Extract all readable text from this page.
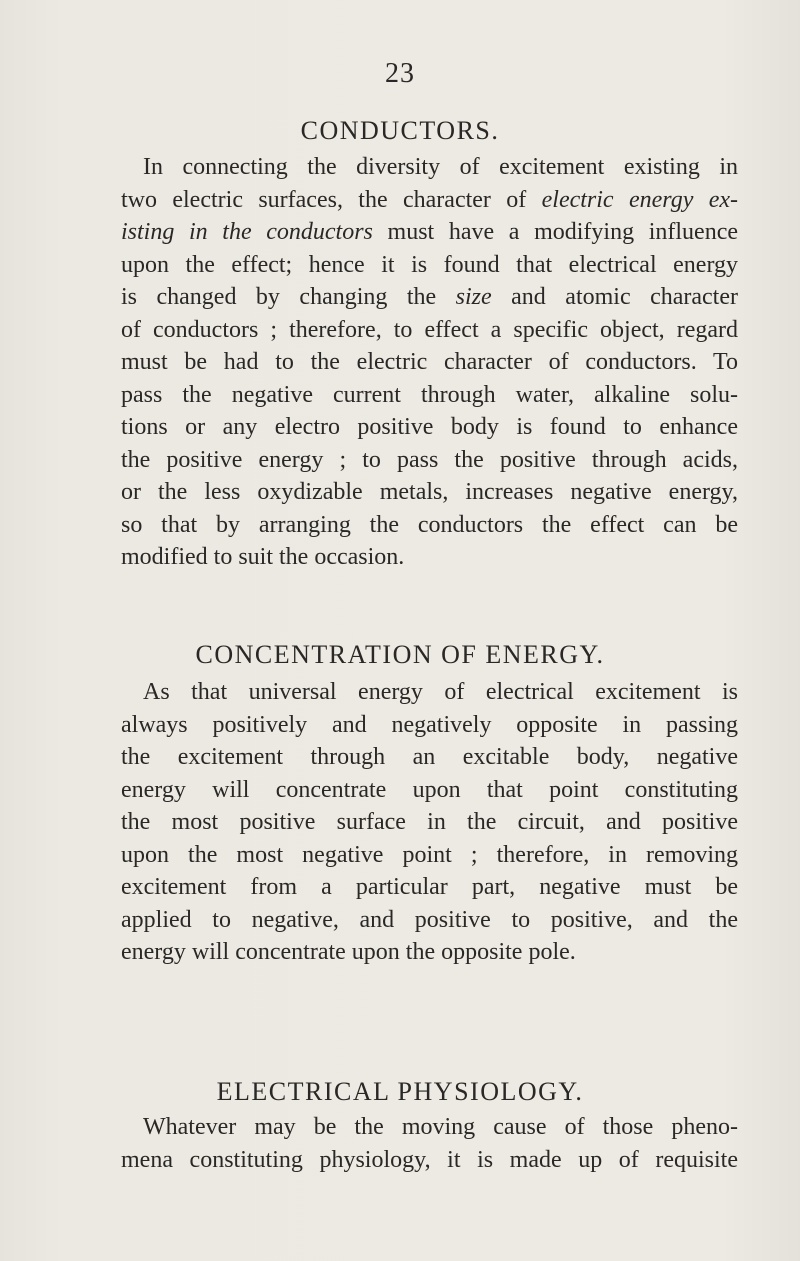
23
CONDUCTORS.
In connecting the diversity of excitement existing in
two electric surfaces, the character of electric energy ex-
isting in the conductors must have a modifying influence
upon the effect; hence it is found that electrical energy
is changed by changing the size and atomic character
of conductors ; therefore, to effect a specific object, regard
must be had to the electric character of conductors. To
pass the negative current through water, alkaline solu-
tions or any electro positive body is found to enhance
the positive energy ; to pass the positive through acids,
or the less oxydizable metals, increases negative energy,
so that by arranging the conductors the effect can be
modified to suit the occasion.
CONCENTRATION OF ENERGY.
As that universal energy of electrical excitement is
always positively and negatively opposite in passing
the excitement through an excitable body, negative
energy will concentrate upon that point constituting
the most positive surface in the circuit, and positive
upon the most negative point ; therefore, in removing
excitement from a particular part, negative must be
applied to negative, and positive to positive, and the
energy will concentrate upon the opposite pole.
ELECTRICAL PHYSIOLOGY.
Whatever may be the moving cause of those pheno-
mena constituting physiology, it is made up of requisite
